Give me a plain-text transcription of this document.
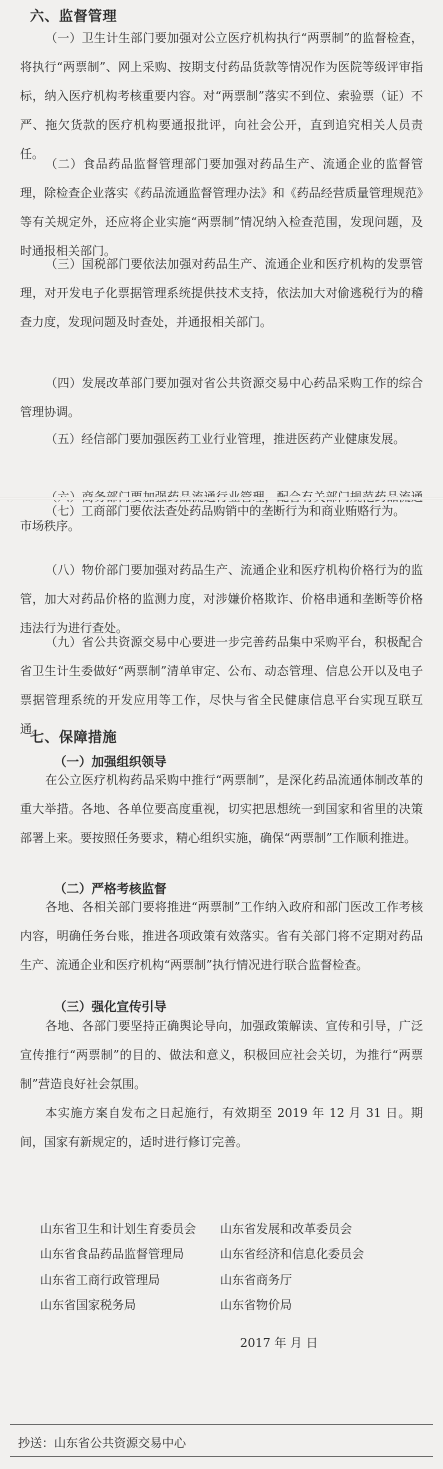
六、监督管理
（一）卫生计生部门要加强对公立医疗机构执行“两票制”的监督检查，将执行“两票制”、网上采购、按期支付药品货款等情况作为医院等级评审指标，纳入医疗机构考核重要内容。对“两票制”落实不到位、索验票（证）不严、拖欠货款的医疗机构要通报批评，向社会公开，直到追究相关人员责任。
（二）食品药品监督管理部门要加强对药品生产、流通企业的监督管理，除检查企业落实《药品流通监督管理办法》和《药品经营质量管理规范》等有关规定外，还应将企业实施“两票制”情况纳入检查范围，发现问题，及时通报相关部门。
（三）国税部门要依法加强对药品生产、流通企业和医疗机构的发票管理，对开发电子化票据管理系统提供技术支持，依法加大对偷逃税行为的稽查力度，发现问题及时查处，并通报相关部门。
（四）发展改革部门要加强对省公共资源交易中心药品采购工作的综合管理协调。
（五）经信部门要加强医药工业行业管理，推进医药产业健康发展。
市场秩序。
（七）工商部门要依法查处药品购销中的垄断行为和商业贿赂行为。
（八）物价部门要加强对药品生产、流通企业和医疗机构价格行为的监管，加大对药品价格的监测力度，对涉嫌价格欺诈、价格串通和垄断等价格违法行为进行查处。
（九）省公共资源交易中心要进一步完善药品集中采购平台，积极配合省卫生计生委做好“两票制”清单审定、公布、动态管理、信息公开以及电子票据管理系统的开发应用等工作，尽快与省全民健康信息平台实现互联互通。
七、保障措施
（一）加强组织领导
在公立医疗机构药品采购中推行“两票制”，是深化药品流通体制改革的重大举措。各地、各单位要高度重视，切实把思想统一到国家和省里的决策部署上来。要按照任务要求，精心组织实施，确保“两票制”工作顺利推进。
（二）严格考核监督
各地、各相关部门要将推进“两票制”工作纳入政府和部门医改工作考核内容，明确任务台账，推进各项政策有效落实。省有关部门将不定期对药品生产、流通企业和医疗机构“两票制”执行情况进行联合监督检查。
（三）强化宣传引导
各地、各部门要坚持正确舆论导向，加强政策解读、宣传和引导，广泛宣传推行“两票制”的目的、做法和意义，积极回应社会关切，为推行“两票制”营造良好社会氛围。
本实施方案自发布之日起施行，有效期至 2019 年 12 月 31 日。期间，国家有新规定的，适时进行修订完善。
山东省卫生和计划生育委员会
山东省食品药品监督管理局
山东省工商行政管理局
山东省国家税务局
山东省发展和改革委员会
山东省经济和信息化委员会
山东省商务厅
山东省物价局
2017 年 月 日
抄送：山东省公共资源交易中心
